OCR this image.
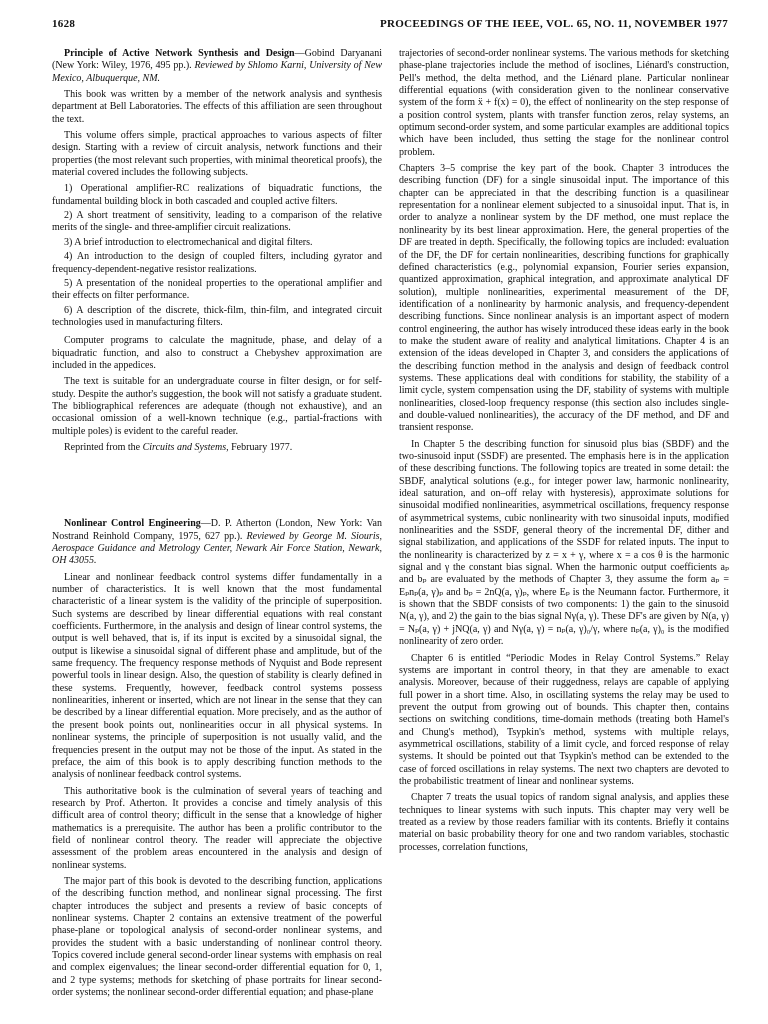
1628	PROCEEDINGS OF THE IEEE, VOL. 65, NO. 11, NOVEMBER 1977

Principle of Active Network Synthesis and Design—Gobind Daryanani (New York: Wiley, 1976, 495 pp.). Reviewed by Shlomo Karni, University of New Mexico, Albuquerque, NM.

This book was written by a member of the network analysis and synthesis department at Bell Laboratories. The effects of this affiliation are seen throughout the text.

This volume offers simple, practical approaches to various aspects of filter design. Starting with a review of circuit analysis, network functions and their properties (the most relevant such properties, with minimal theoretical proofs), the material covered includes the following subjects.

1) Operational amplifier-RC realizations of biquadratic functions, the fundamental building block in both cascaded and coupled active filters.
2) A short treatment of sensitivity, leading to a comparison of the relative merits of the single- and three-amplifier circuit realizations.
3) A brief introduction to electromechanical and digital filters.
4) An introduction to the design of coupled filters, including gyrator and frequency-dependent-negative resistor realizations.
5) A presentation of the nonideal properties to the operational amplifier and their effects on filter performance.
6) A description of the discrete, thick-film, thin-film, and integrated circuit technologies used in manufacturing filters.

Computer programs to calculate the magnitude, phase, and delay of a biquadratic function, and also to construct a Chebyshev approximation are included in the appedices.

The text is suitable for an undergraduate course in filter design, or for self-study. Despite the author's suggestion, the book will not satisfy a graduate student. The bibliographical references are adequate (though not exhaustive), and an occasional omission of a well-known technique (e.g., partial-fractions with multiple poles) is evident to the careful reader.

Reprinted from the Circuits and Systems, February 1977.

Nonlinear Control Engineering—D. P. Atherton (London, New York: Van Nostrand Reinhold Company, 1975, 627 pp.). Reviewed by George M. Siouris, Aerospace Guidance and Metrology Center, Newark Air Force Station, Newark, OH 43055.

Linear and nonlinear feedback control systems differ fundamentally in a number of characteristics. It is well known that the most fundamental characteristic of a linear system is the validity of the principle of superposition. Such systems are described by linear differential equations with real constant coefficients. Furthermore, in the analysis and design of linear control systems, the output is well behaved, that is, if its input is excited by a sinusoidal signal, the output is likewise a sinusoidal signal of different phase and amplitude, but of the same frequency. The frequency response methods of Nyquist and Bode represent powerful tools in linear design. Also, the question of stability is clearly defined in these systems. Frequently, however, feedback control systems possess nonlinearities, inherent or inserted, which are not linear in the sense that they can be described by a linear differential equation. More precisely, and as the author of the present book points out, nonlinearities occur in all physical systems. In nonlinear systems, the principle of superposition is not usually valid, and the frequencies present in the output may not be those of the input. As stated in the preface, the aim of this book is to apply describing function methods to the analysis of nonlinear feedback control systems.

This authoritative book is the culmination of several years of teaching and research by Prof. Atherton. It provides a concise and timely analysis of this difficult area of control theory; difficult in the sense that a knowledge of higher mathematics is a prerequisite. The author has been a prolific contributor to the field of nonlinear control theory. The reader will appreciate the objective assessment of the problem areas encountered in the analysis and design of nonlinear systems.

The major part of this book is devoted to the describing function, applications of the describing function method, and nonlinear signal processing. The first chapter introduces the subject and presents a review of basic concepts of nonlinear systems. Chapter 2 contains an extensive treatment of the powerful phase-plane or topological analysis of second-order nonlinear systems, and provides the student with a basic understanding of nonlinear control theory. Topics covered include general second-order linear systems with emphasis on real and complex eigenvalues; the linear second-order differential equation for 0, 1, and 2 type systems; methods for sketching of phase portraits for linear second-order systems; the nonlinear second-order differential equation; and phase-plane

trajectories of second-order nonlinear systems. The various methods for sketching phase-plane trajectories include the method of isoclines, Liénard's construction, Pell's method, the delta method, and the Liénard plane. Particular nonlinear differential equations (with consideration given to the nonlinear conservative system of the form ẍ + f(x) = 0), the effect of nonlinearity on the step response of a position control system, plants with transfer function zeros, relay systems, an optimum second-order system, and some particular examples are additional topics which have been included, thus setting the stage for the nonlinear control problem.

Chapters 3–5 comprise the key part of the book. Chapter 3 introduces the describing function (DF) for a single sinusoidal input. The importance of this chapter can be appreciated in that the describing function is a quasilinear representation for a nonlinear element subjected to a sinusoidal input. That is, in order to analyze a nonlinear system by the DF method, one must replace the nonlinearity by its best linear approximation. Here, the general properties of the DF are treated in depth. Specifically, the following topics are included: evaluation of the DF, the DF for certain nonlinearities, describing functions for graphically defined characteristics (e.g., polynomial expansion, Fourier series expansion, quantized approximation, graphical integration, and approximate analytical DF solution), multiple nonlinearities, experimental measurement of the DF, identification of a nonlinearity by harmonic analysis, and frequency-dependent describing functions. Since nonlinear analysis is an important aspect of modern control engineering, the author has wisely introduced these ideas early in the book to make the student aware of reality and analytical limitations. Chapter 4 is an extension of the ideas developed in Chapter 3, and considers the applications of the describing function method in the analysis and design of feedback control systems. These applications deal with conditions for stability, the stability of a limit cycle, system compensation using the DF, stability of systems with multiple nonlinearities, closed-loop frequency response (this section also includes single- and double-valued nonlinearities), the accuracy of the DF method, and DF and transient response.

In Chapter 5 the describing function for sinusoid plus bias (SBDF) and the two-sinusoid input (SSDF) are presented. The emphasis here is in the application of these describing functions. The following topics are treated in some detail: the SBDF, analytical solutions (e.g., for integer power law, harmonic nonlinearity, ideal saturation, and on–off relay with hysteresis), approximate solutions for sinusoidal modified nonlinearities, asymmetrical oscillations, frequency response of asymmetrical systems, cubic nonlinearity with two sinusoidal inputs, modified nonlinearities and the SSDF, general theory of the incremental DF, dither and signal stabilization, and applications of the SSDF for related inputs. The input to the nonlinearity is characterized by z = x + γ, where x = a cos θ is the harmonic signal and γ the constant bias signal. When the harmonic output coefficients aₚ and bₚ are evaluated by the methods of Chapter 3, they assume the form aₚ = Eₚnₚ(a, γ)ₚ and bₚ = 2nQ(a, γ)ₚ, where Eₚ is the Neumann factor. Furthermore, it is shown that the SBDF consists of two components: 1) the gain to the sinusoid N(a, γ), and 2) the gain to the bias signal Nγ(a, γ). These DF's are given by N(a, γ) = Nₚ(a, γ) + jNQ(a, γ) and Nγ(a, γ) = nₚ(a, γ)₀/γ, where nₚ(a, γ)₀ is the modified nonlinearity of zero order.

Chapter 6 is entitled “Periodic Modes in Relay Control Systems.” Relay systems are important in control theory, in that they are amenable to exact analysis. Moreover, because of their ruggedness, relays are capable of applying full power in a short time. Also, in oscillating systems the relay may be used to prevent the output from growing out of bounds. This chapter then, contains sections on switching conditions, time-domain methods (treating both Hamel's and Chung's method), Tsypkin's method, systems with multiple relays, asymmetrical oscillations, stability of a limit cycle, and forced response of relay systems. It should be pointed out that Tsypkin's method can be extended to the case of forced oscillations in relay systems. The next two chapters are devoted to the probabilistic treatment of linear and nonlinear systems.

Chapter 7 treats the usual topics of random signal analysis, and applies these techniques to linear systems with such inputs. This chapter may very well be treated as a review by those readers familiar with its contents. Briefly it contains material on basic probability theory for one and two random variables, stochastic processes, correlation functions,
